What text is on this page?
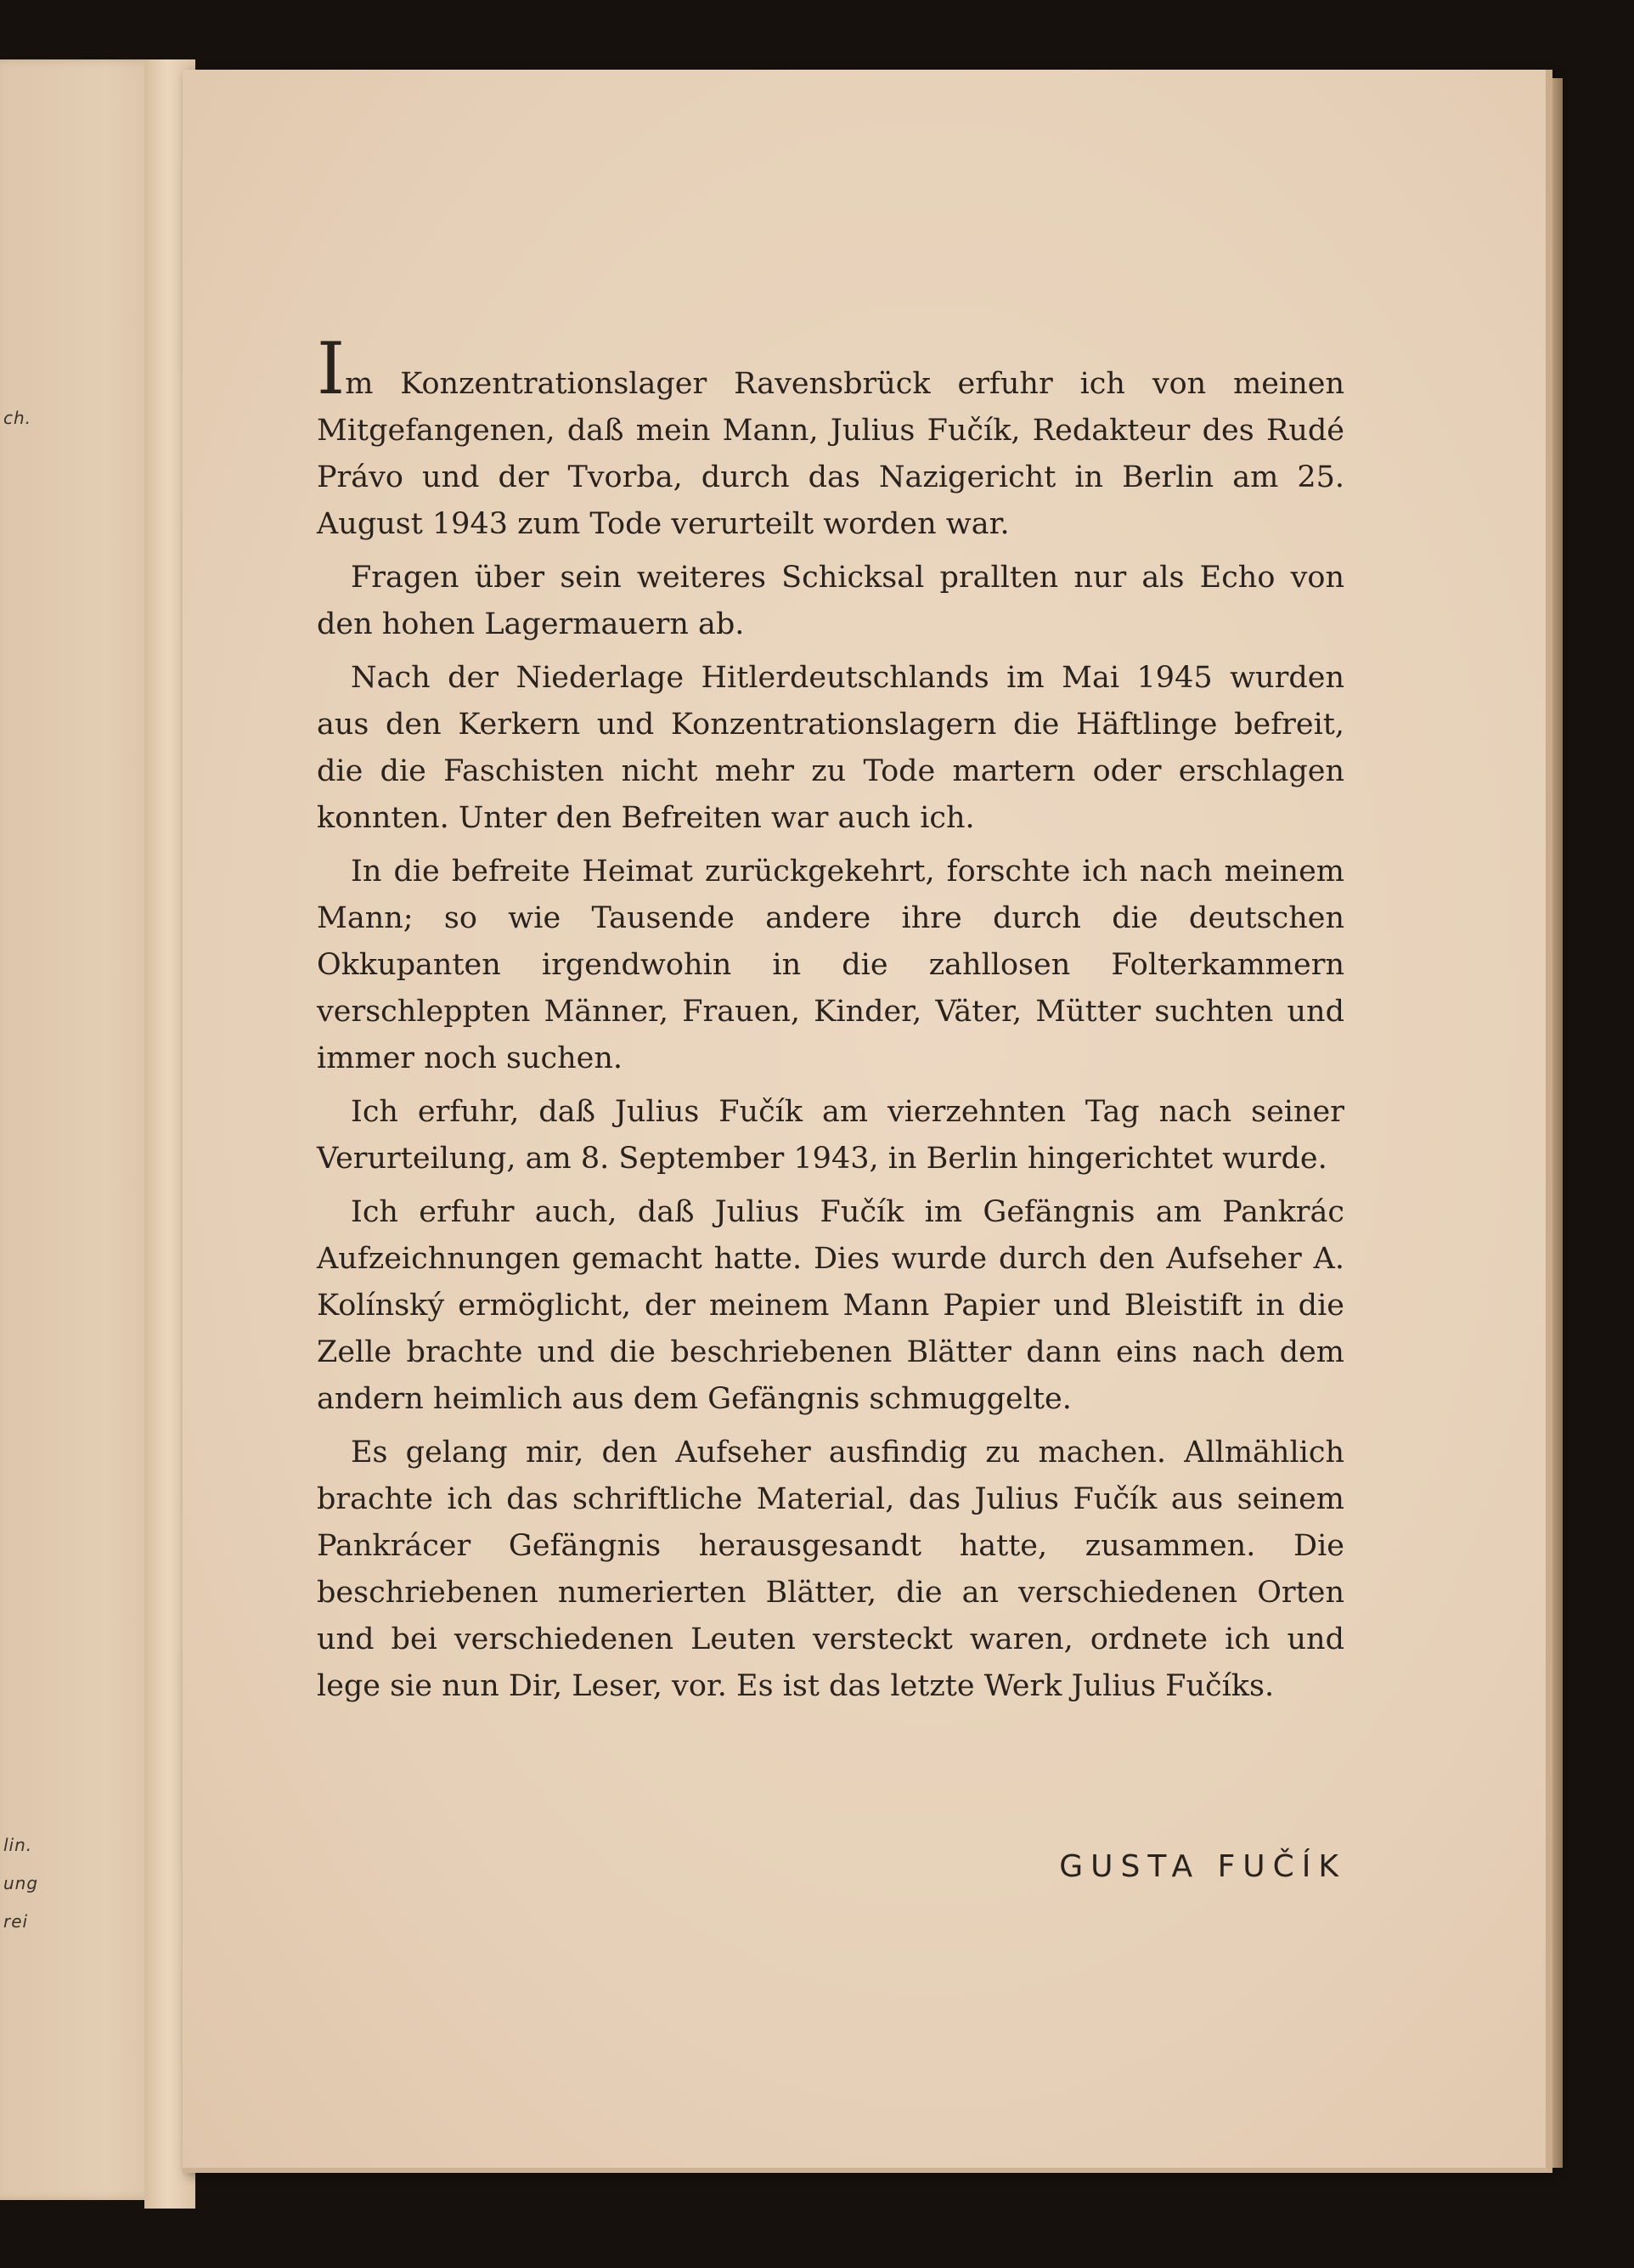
ch.
lin.
ung
rei

Im Konzentrationslager Ravensbrück erfuhr ich von meinen Mitgefangenen, daß mein Mann, Julius Fučík, Redakteur des Rudé Právo und der Tvorba, durch das Nazigericht in Berlin am 25. August 1943 zum Tode verurteilt worden war.

Fragen über sein weiteres Schicksal prallten nur als Echo von den hohen Lagermauern ab.

Nach der Niederlage Hitlerdeutschlands im Mai 1945 wurden aus den Kerkern und Konzentrationslagern die Häftlinge befreit, die die Faschisten nicht mehr zu Tode martern oder erschlagen konnten. Unter den Befreiten war auch ich.

In die befreite Heimat zurückgekehrt, forschte ich nach meinem Mann; so wie Tausende andere ihre durch die deutschen Okkupanten irgendwohin in die zahllosen Folterkammern verschleppten Männer, Frauen, Kinder, Väter, Mütter suchten und immer noch suchen.

Ich erfuhr, daß Julius Fučík am vierzehnten Tag nach seiner Verurteilung, am 8. September 1943, in Berlin hingerichtet wurde.

Ich erfuhr auch, daß Julius Fučík im Gefängnis am Pankrác Aufzeichnungen gemacht hatte. Dies wurde durch den Aufseher A. Kolínský ermöglicht, der meinem Mann Papier und Bleistift in die Zelle brachte und die beschriebenen Blätter dann eins nach dem andern heimlich aus dem Gefängnis schmuggelte.

Es gelang mir, den Aufseher ausfindig zu machen. Allmählich brachte ich das schriftliche Material, das Julius Fučík aus seinem Pankrácer Gefängnis herausgesandt hatte, zusammen. Die beschriebenen numerierten Blätter, die an verschiedenen Orten und bei verschiedenen Leuten versteckt waren, ordnete ich und lege sie nun Dir, Leser, vor. Es ist das letzte Werk Julius Fučíks.

GUSTA FUČÍK
